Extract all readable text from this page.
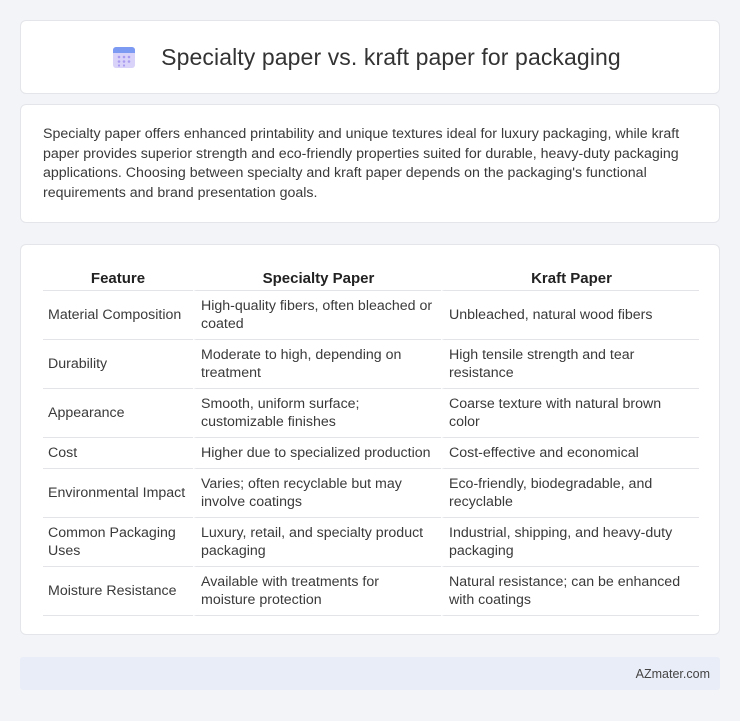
Specialty paper vs. kraft paper for packaging

Specialty paper offers enhanced printability and unique textures ideal for luxury packaging, while kraft paper provides superior strength and eco-friendly properties suited for durable, heavy-duty packaging applications. Choosing between specialty and kraft paper depends on the packaging's functional requirements and brand presentation goals.

Feature	Specialty Paper	Kraft Paper
Material Composition	High-quality fibers, often bleached or coated	Unbleached, natural wood fibers
Durability	Moderate to high, depending on treatment	High tensile strength and tear resistance
Appearance	Smooth, uniform surface; customizable finishes	Coarse texture with natural brown color
Cost	Higher due to specialized production	Cost-effective and economical
Environmental Impact	Varies; often recyclable but may involve coatings	Eco-friendly, biodegradable, and recyclable
Common Packaging Uses	Luxury, retail, and specialty product packaging	Industrial, shipping, and heavy-duty packaging
Moisture Resistance	Available with treatments for moisture protection	Natural resistance; can be enhanced with coatings
AZmater.com
